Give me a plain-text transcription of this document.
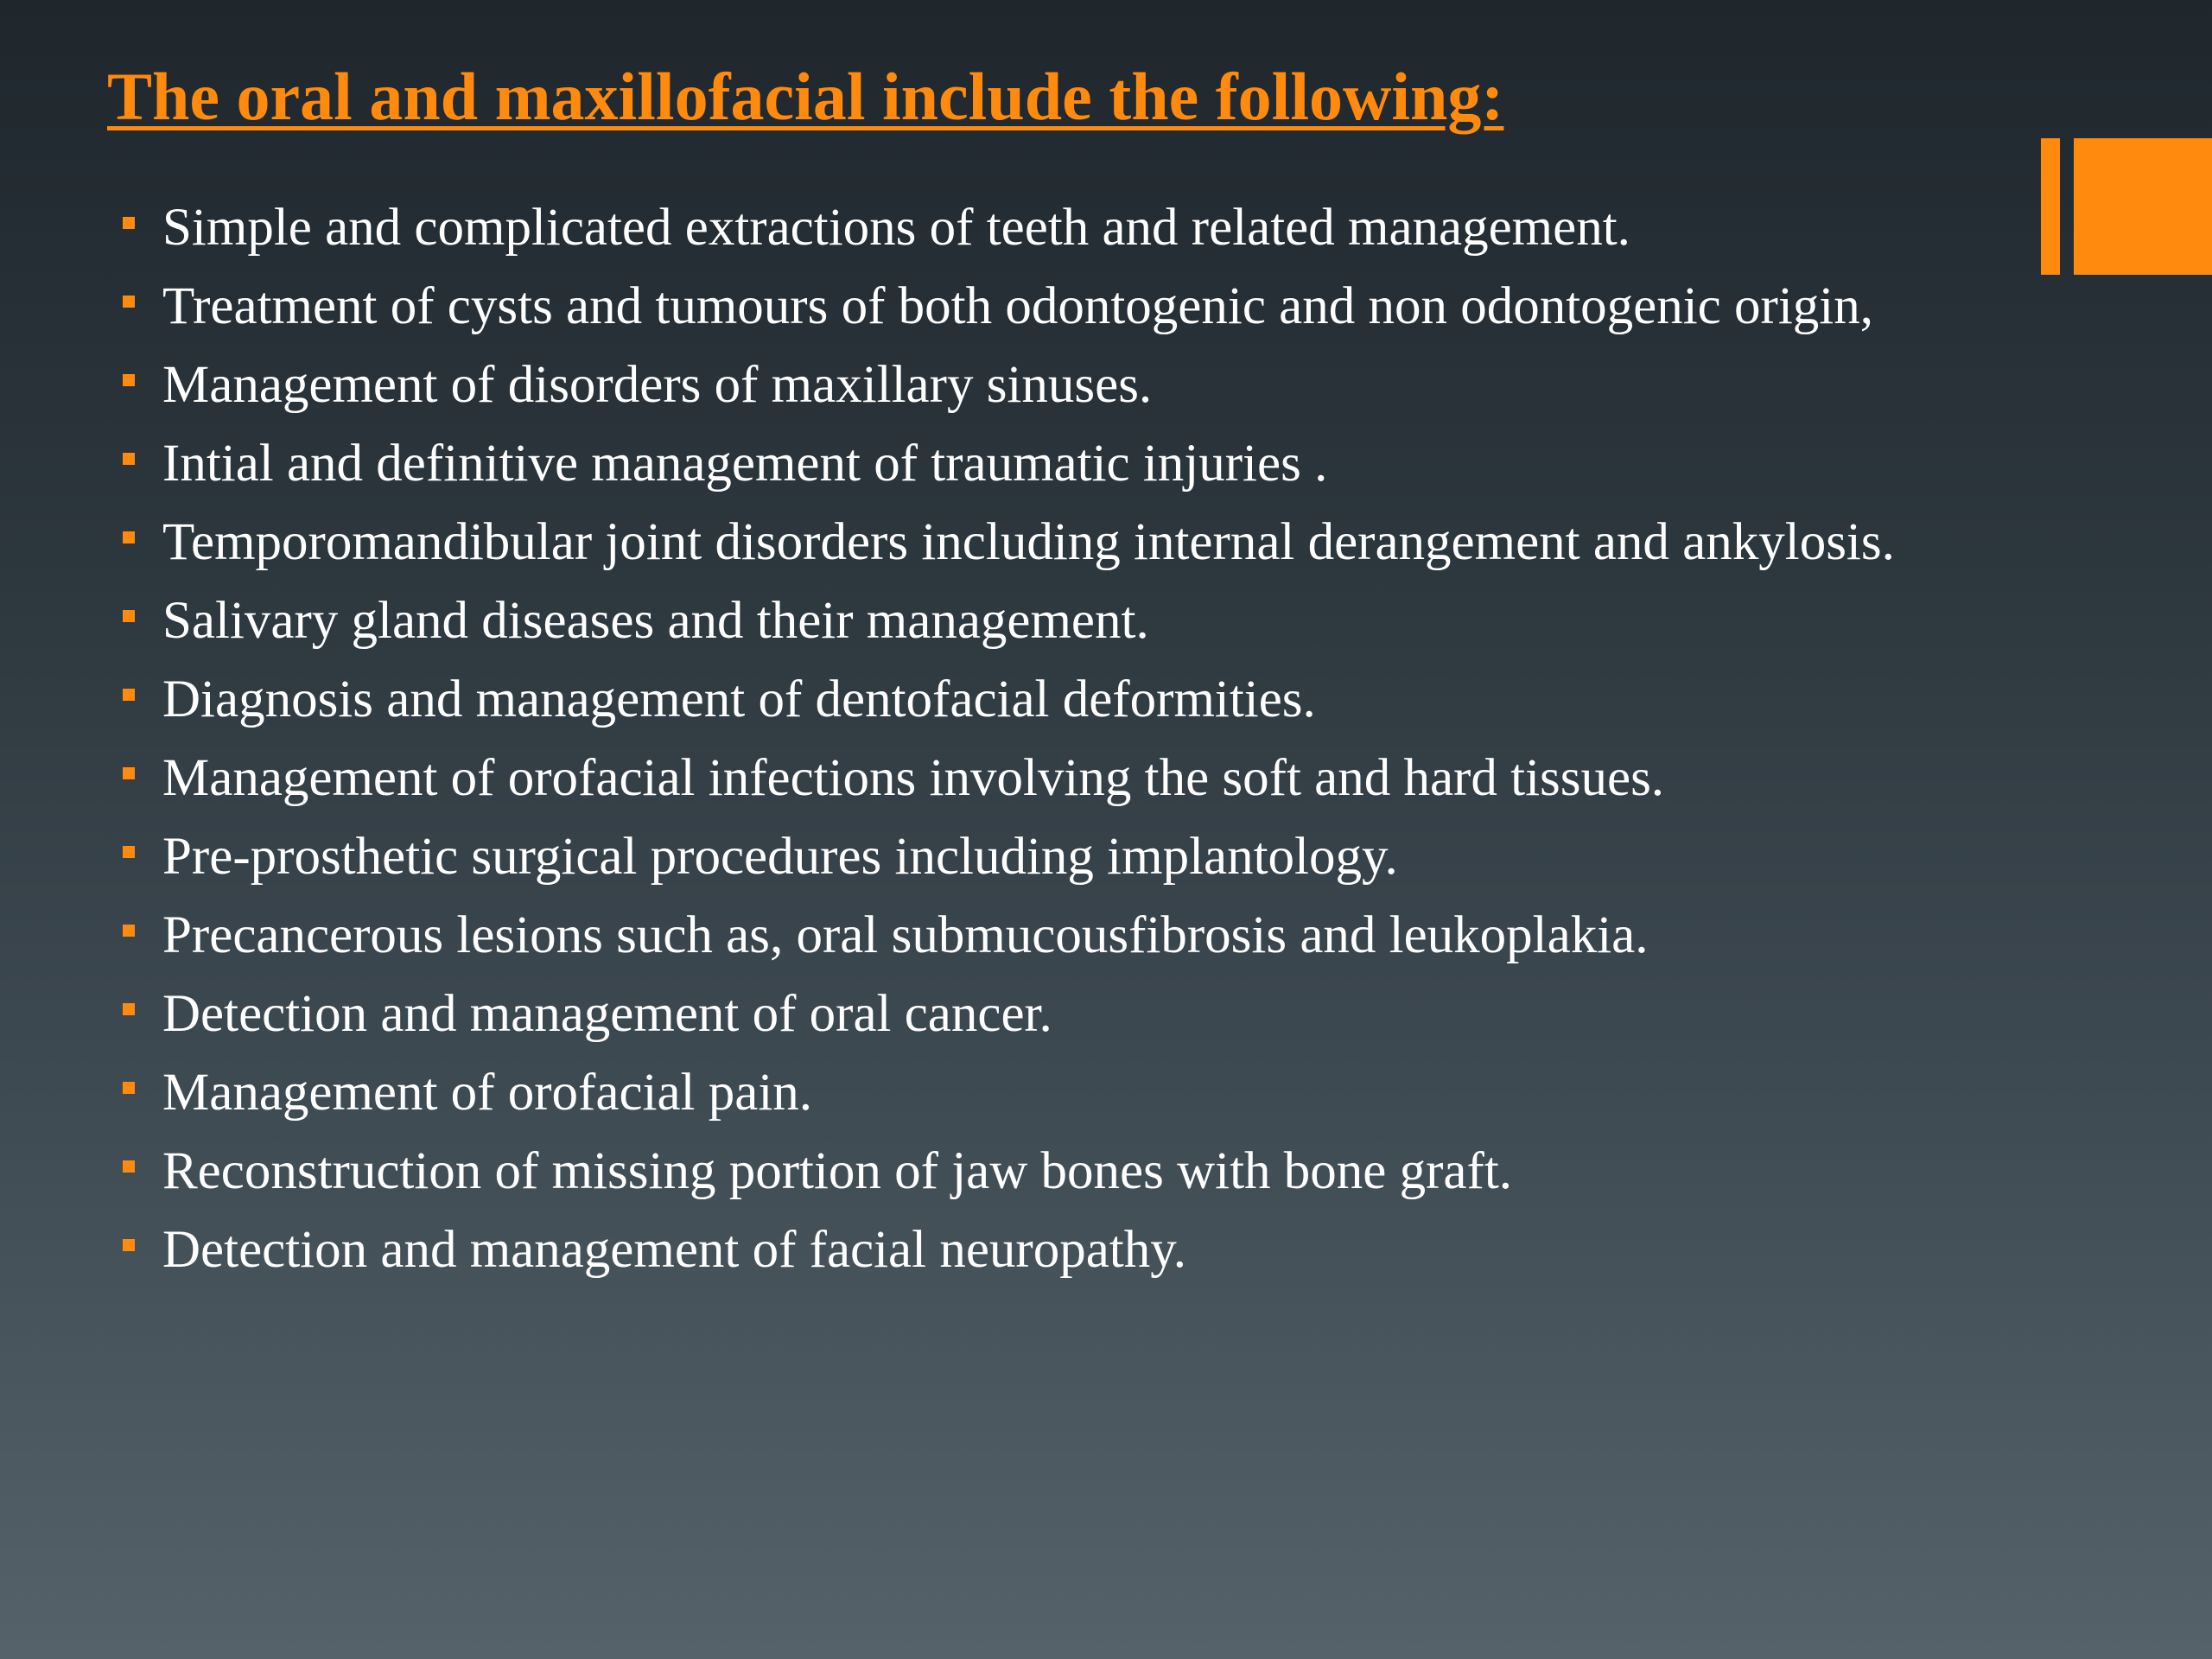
The oral and maxillofacial include the following:
Simple and complicated extractions of teeth and related management.
Treatment of cysts and tumours of both odontogenic and non odontogenic origin,
Management of disorders of maxillary sinuses.
Intial and definitive management of traumatic injuries .
Temporomandibular joint disorders including internal derangement and ankylosis.
Salivary gland diseases and their management.
Diagnosis and management of dentofacial deformities.
Management of orofacial infections involving the soft and hard tissues.
Pre-prosthetic surgical procedures including implantology.
Precancerous lesions such as, oral submucousfibrosis and leukoplakia.
Detection and management of oral cancer.
Management of orofacial pain.
Reconstruction of missing portion of jaw bones with bone graft.
Detection and management of facial neuropathy.
